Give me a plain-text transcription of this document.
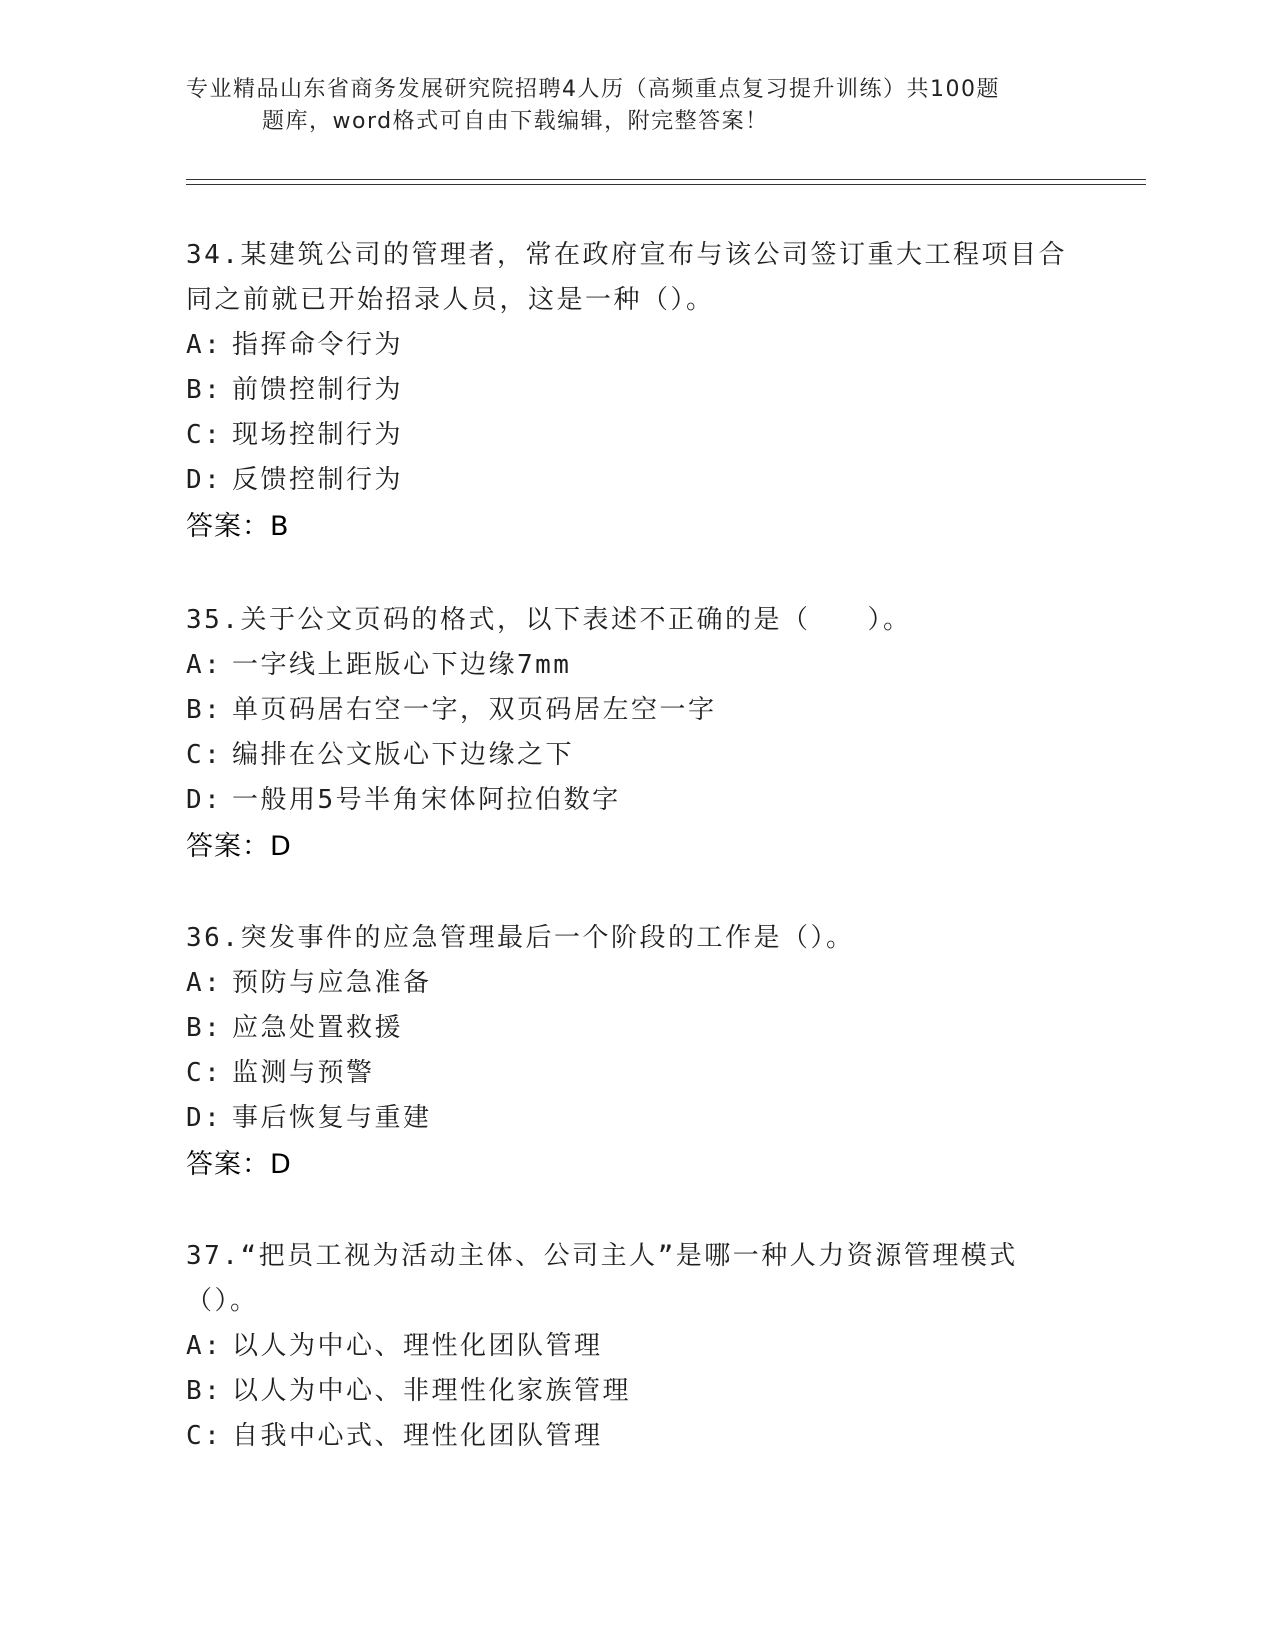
专业精品山东省商务发展研究院招聘4人历（高频重点复习提升训练）共100题
题库，word格式可自由下载编辑，附完整答案！
34.某建筑公司的管理者，常在政府宣布与该公司签订重大工程项目合同之前就已开始招录人员，这是一种（）。
A: 指挥命令行为
B: 前馈控制行为
C: 现场控制行为
D: 反馈控制行为
答案：B
35.关于公文页码的格式，以下表述不正确的是（　　）。
A: 一字线上距版心下边缘7mm
B: 单页码居右空一字，双页码居左空一字
C: 编排在公文版心下边缘之下
D: 一般用5号半角宋体阿拉伯数字
答案：D
36.突发事件的应急管理最后一个阶段的工作是（）。
A: 预防与应急准备
B: 应急处置救援
C: 监测与预警
D: 事后恢复与重建
答案：D
37.“把员工视为活动主体、公司主人”是哪一种人力资源管理模式（）。
A: 以人为中心、理性化团队管理
B: 以人为中心、非理性化家族管理
C: 自我中心式、理性化团队管理
